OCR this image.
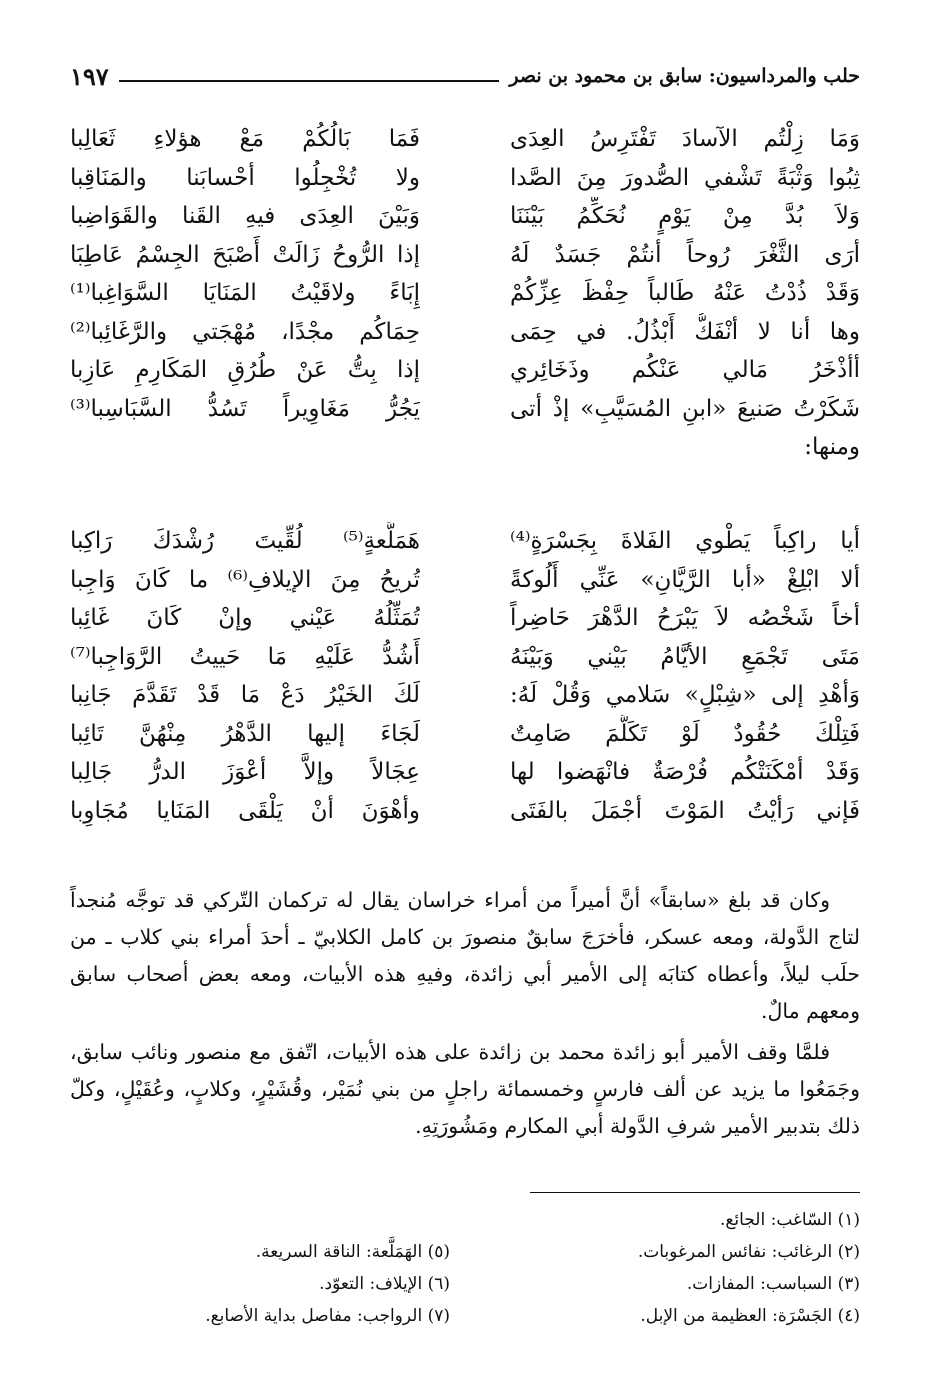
حلب والمرداسيون: سابق بن محمود بن نصر
١٩٧
وَمَا زِلْتُم الآسادَ تَفْتَرِسُ العِدَى
فَمَا بَالُكُمْ مَعْ هؤلاءِ ثَعَالِبا
ثِبُوا وَثْبَةً تَشْفي الصُّدورَ مِنَ الصَّدا
ولا تُخْجِلُوا أحْسابَنا والمَنَاقِبا
وَلاَ بُدَّ مِنْ يَوْمٍ نُحَكِّمُ بَيْنَنَا
وَبَيْنَ العِدَى فيهِ القَنا والقَوَاضِبا
أرَى الثَّغْرَ رُوحاً أنتُمْ جَسَدٌ لَهُ
إذا الرُّوحُ زَالَتْ أَصْبَحَ الجِسْمُ عَاطِبَا
وَقَدْ ذُدْتُ عَنْهُ طَالباً حِفْظَ عِزِّكُمْ
إِبَاءً ولاقَيْتُ المَنَايَا السَّوَاغِبا⁽¹⁾
وها أنا لا أنْفَكُّ أَبْذُلُ. في حِمَى
حِمَاكُم مجْدًا، مُهْجَتي والرَّغَائِبا⁽²⁾
أأذْخَرُ مَالي عَنْكُم وذَخَائِري
إذا بِتُّ عَنْ طُرُقِ المَكَارِمِ عَازِبا
شَكَرْتُ صَنيعَ «ابنِ المُسَيَّبِ» إذْ أتى
يَجُرُّ مَغَاوِيراً تَسُدُّ السَّبَاسِبا⁽³⁾
ومنها:
أيا راكِباً يَطْوي الفَلاةَ بِجَسْرَةٍ⁽⁴⁾
هَمَلَّعةٍ⁽⁵⁾ لُقِّيتَ رُشْدَكَ رَاكِبا
ألا ابْلِغْ «أبا الرَّيَّانِ» عَنِّي أَلُوكةً
تُريحُ مِنَ الإيلافِ⁽⁶⁾ ما كَانَ وَاجِبا
أخاً شَخْصُه لاَ يَبْرَحُ الدَّهْرَ حَاضِراً
تُمَثِّلُهُ عَيْني وإنْ كَانَ غَائِبا
مَتَى تَجْمَعِ الأيَّامُ بَيْني وَبَيْنَهُ
أَشُدُّ عَلَيْهِ مَا حَييتُ الرَّوَاجِبا⁽⁷⁾
وَأهْدِ إلى «شِبْلٍ» سَلامي وَقُلْ لَهُ:
لَكَ الخَيْرُ دَعْ مَا قَدْ تَقَدَّمَ جَانِبا
فَتِلْكَ حُقُودٌ لَوْ تَكَلَّمَ صَامِتٌ
لَجَاءَ إليها الدَّهْرُ مِنْهُنَّ تَائِبا
وَقَدْ أمْكَنَتْكُم فُرْصَةٌ فانْهَضوا لها
عِجَالاً وإلاَّ أعْوَزَ الدرُّ جَالِبا
فَإني رَأيْتُ المَوْتَ أجْمَلَ بالفَتَى
وأهْوَنَ أنْ يَلْقَى المَنَايا مُجَاوِبا

وكان قد بلغ «سابقاً» أنَّ أميراً من أمراء خراسان يقال له تركمان التّركي قد توجَّه مُنجداً لتاج الدَّولة، ومعه عسكر، فأخرَجَ سابقٌ منصورَ بن كامل الكلابيّ ـ أحدَ أمراء بني كلاب ـ من حلَب ليلاً، وأعطاه كتابَه إلى الأمير أبي زائدة، وفيهِ هذه الأبيات، ومعه بعض أصحاب سابق ومعهم مالٌ.

فلمَّا وقف الأمير أبو زائدة محمد بن زائدة على هذه الأبيات، اتّفق مع منصور ونائب سابق، وجَمَعُوا ما يزيد عن ألف فارسٍ وخمسمائة راجلٍ من بني نُمَيْر، وقُشَيْرٍ، وكلابٍ، وعُقَيْلٍ، وكلّ ذلك بتدبير الأمير شرفِ الدَّولة أبي المكارم ومَشُورَتِهِ.

(١) السّاغب: الجائع.
(٢) الرغائب: نفائس المرغوبات.
(٣) السباسب: المفازات.
(٤) الجَسْرَة: العظيمة من الإبل.
(٥) الهَمَلَّعة: الناقة السريعة.
(٦) الإيلاف: التعوّد.
(٧) الرواجب: مفاصل بداية الأصابع.
